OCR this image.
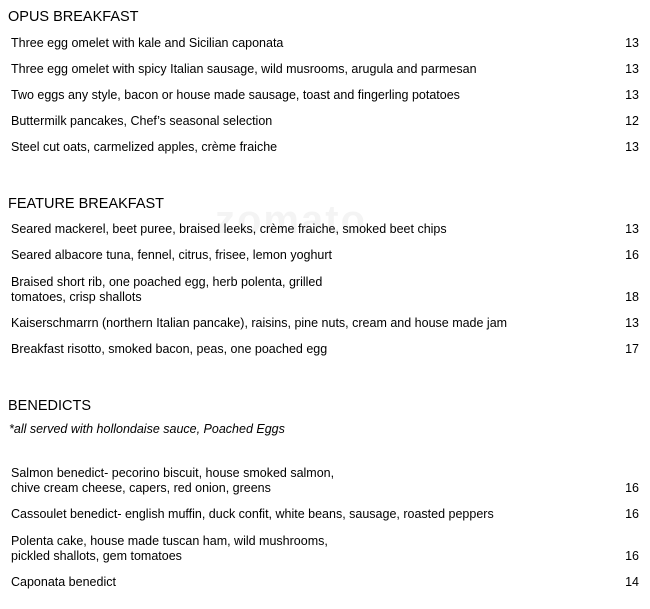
OPUS BREAKFAST
Three egg omelet with kale and Sicilian caponata	13
Three egg omelet with spicy Italian sausage, wild musrooms, arugula and parmesan	13
Two eggs any style, bacon or house made sausage, toast and fingerling potatoes	13
Buttermilk pancakes, Chef’s seasonal selection	12
Steel cut oats, carmelized apples, crème fraiche	13
FEATURE BREAKFAST
Seared mackerel, beet puree, braised leeks, crème fraiche, smoked beet chips	13
Seared albacore tuna, fennel, citrus, frisee, lemon yoghurt	16
Braised short rib, one poached egg, herb polenta, grilled
tomatoes, crisp shallots	18
Kaiserschmarrn (northern Italian pancake), raisins, pine nuts, cream and house made jam	13
Breakfast risotto, smoked bacon, peas, one poached egg	17
BENEDICTS
*all served with hollondaise sauce, Poached Eggs
Salmon benedict- pecorino biscuit, house smoked salmon,
chive cream cheese, capers, red onion, greens	16
Cassoulet benedict- english muffin, duck confit, white beans, sausage, roasted peppers	16
Polenta cake, house made tuscan ham, wild mushrooms,
pickled shallots, gem tomatoes	16
Caponata benedict	14
